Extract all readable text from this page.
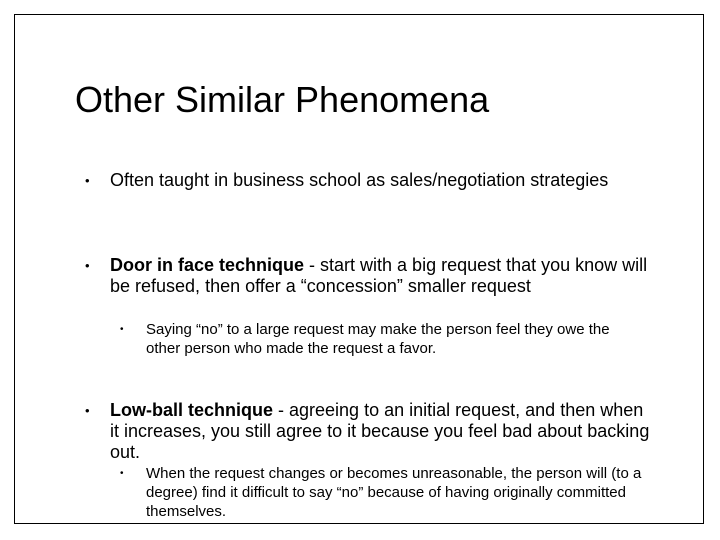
Other Similar Phenomena
• Often taught in business school as sales/negotiation strategies
• Door in face technique - start with a big request that you know will be refused, then offer a “concession” smaller request
• Saying “no” to a large request may make the person feel they owe the other person who made the request a favor.
• Low-ball technique - agreeing to an initial request, and then when it increases, you still agree to it because you feel bad about backing out.
• When the request changes or becomes unreasonable, the person will (to a degree) find it difficult to say “no” because of having originally committed themselves.
